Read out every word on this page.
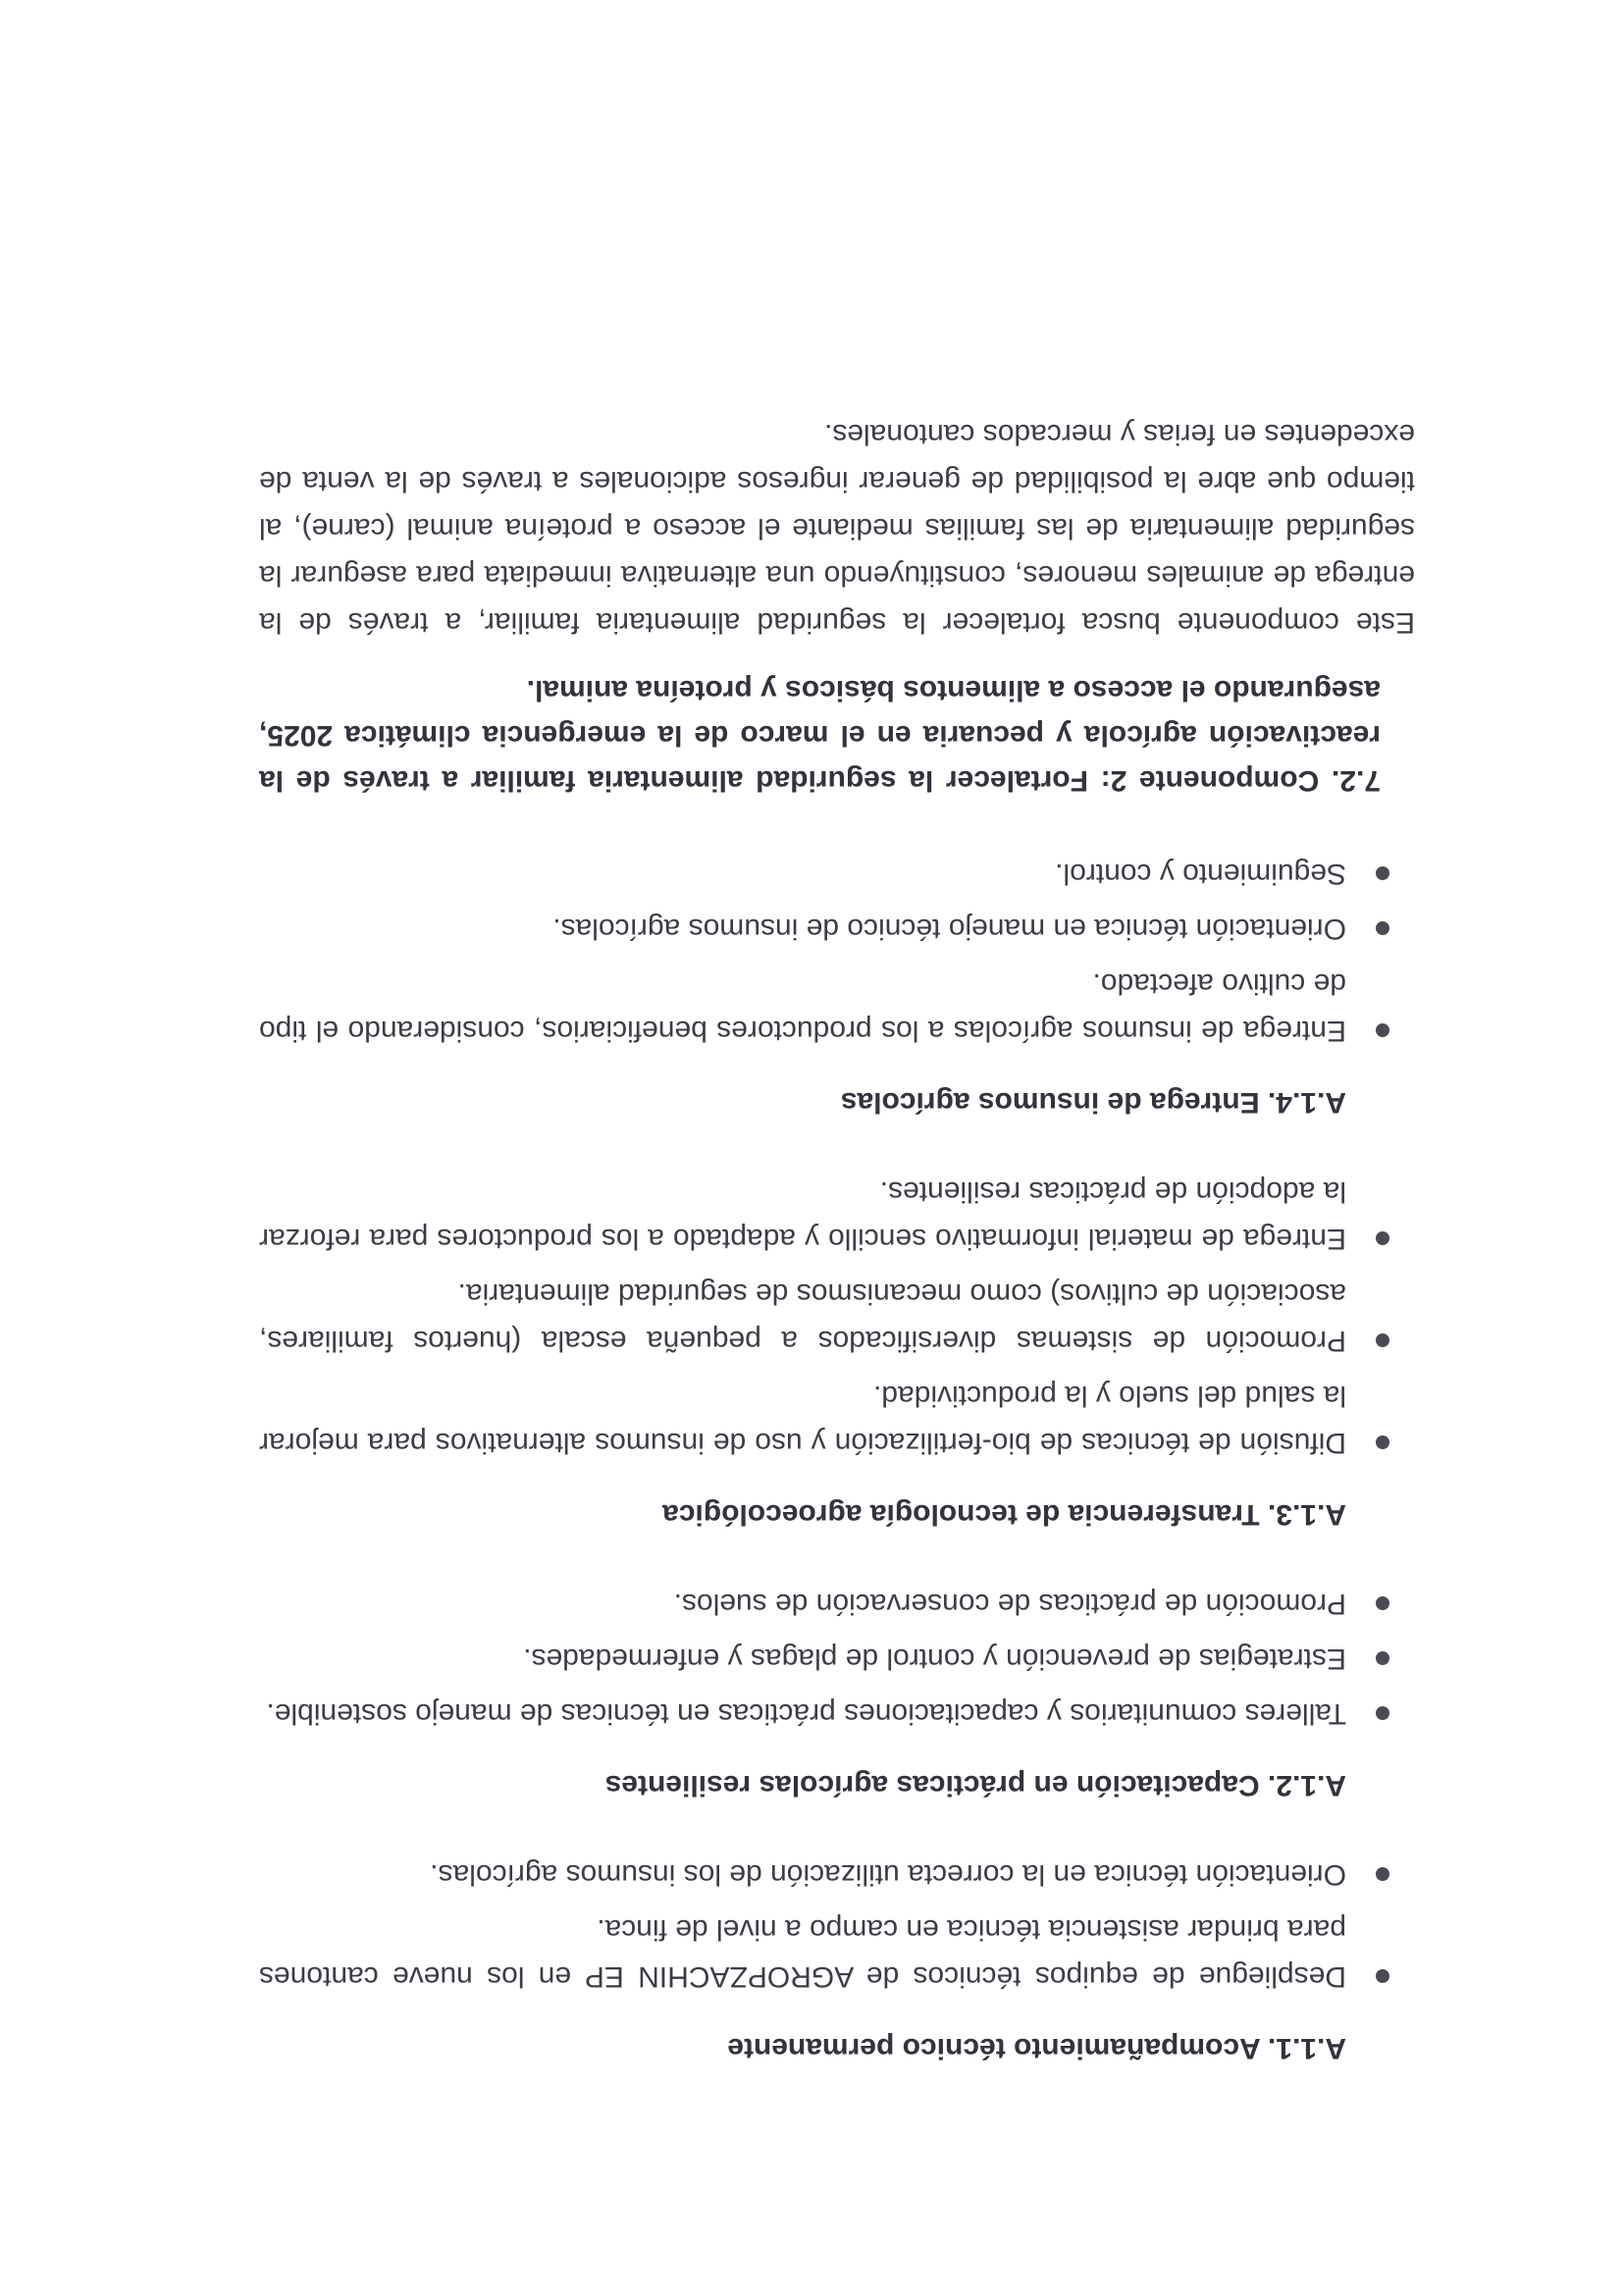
A.1.1. Acompañamiento técnico permanente
Despliegue de equipos técnicos de AGROPZACHIN EP en los nueve cantones para brindar asistencia técnica en campo a nivel de finca.
Orientación técnica en la correcta utilización de los insumos agrícolas.
A.1.2. Capacitación en prácticas agrícolas resilientes
Talleres comunitarios y capacitaciones prácticas en técnicas de manejo sostenible.
Estrategias de prevención y control de plagas y enfermedades.
Promoción de prácticas de conservación de suelos.
A.1.3. Transferencia de tecnología agroecológica
Difusión de técnicas de bio-fertilización y uso de insumos alternativos para mejorar la salud del suelo y la productividad.
Promoción de sistemas diversificados a pequeña escala (huertos familiares, asociación de cultivos) como mecanismos de seguridad alimentaria.
Entrega de material informativo sencillo y adaptado a los productores para reforzar la adopción de prácticas resilientes.
A.1.4. Entrega de insumos agrícolas
Entrega de insumos agrícolas a los productores beneficiarios, considerando el tipo de cultivo afectado.
Orientación técnica en manejo técnico de insumos agrícolas.
Seguimiento y control.
7.2. Componente 2: Fortalecer la seguridad alimentaria familiar a través de la reactivación agrícola y pecuaria en el marco de la emergencia climática 2025, asegurando el acceso a alimentos básicos y proteína animal.

Este componente busca fortalecer la seguridad alimentaria familiar, a través de la entrega de animales menores, constituyendo una alternativa inmediata para asegurar la seguridad alimentaria de las familias mediante el acceso a proteína animal (carne), al tiempo que abre la posibilidad de generar ingresos adicionales a través de la venta de excedentes en ferias y mercados cantonales.
